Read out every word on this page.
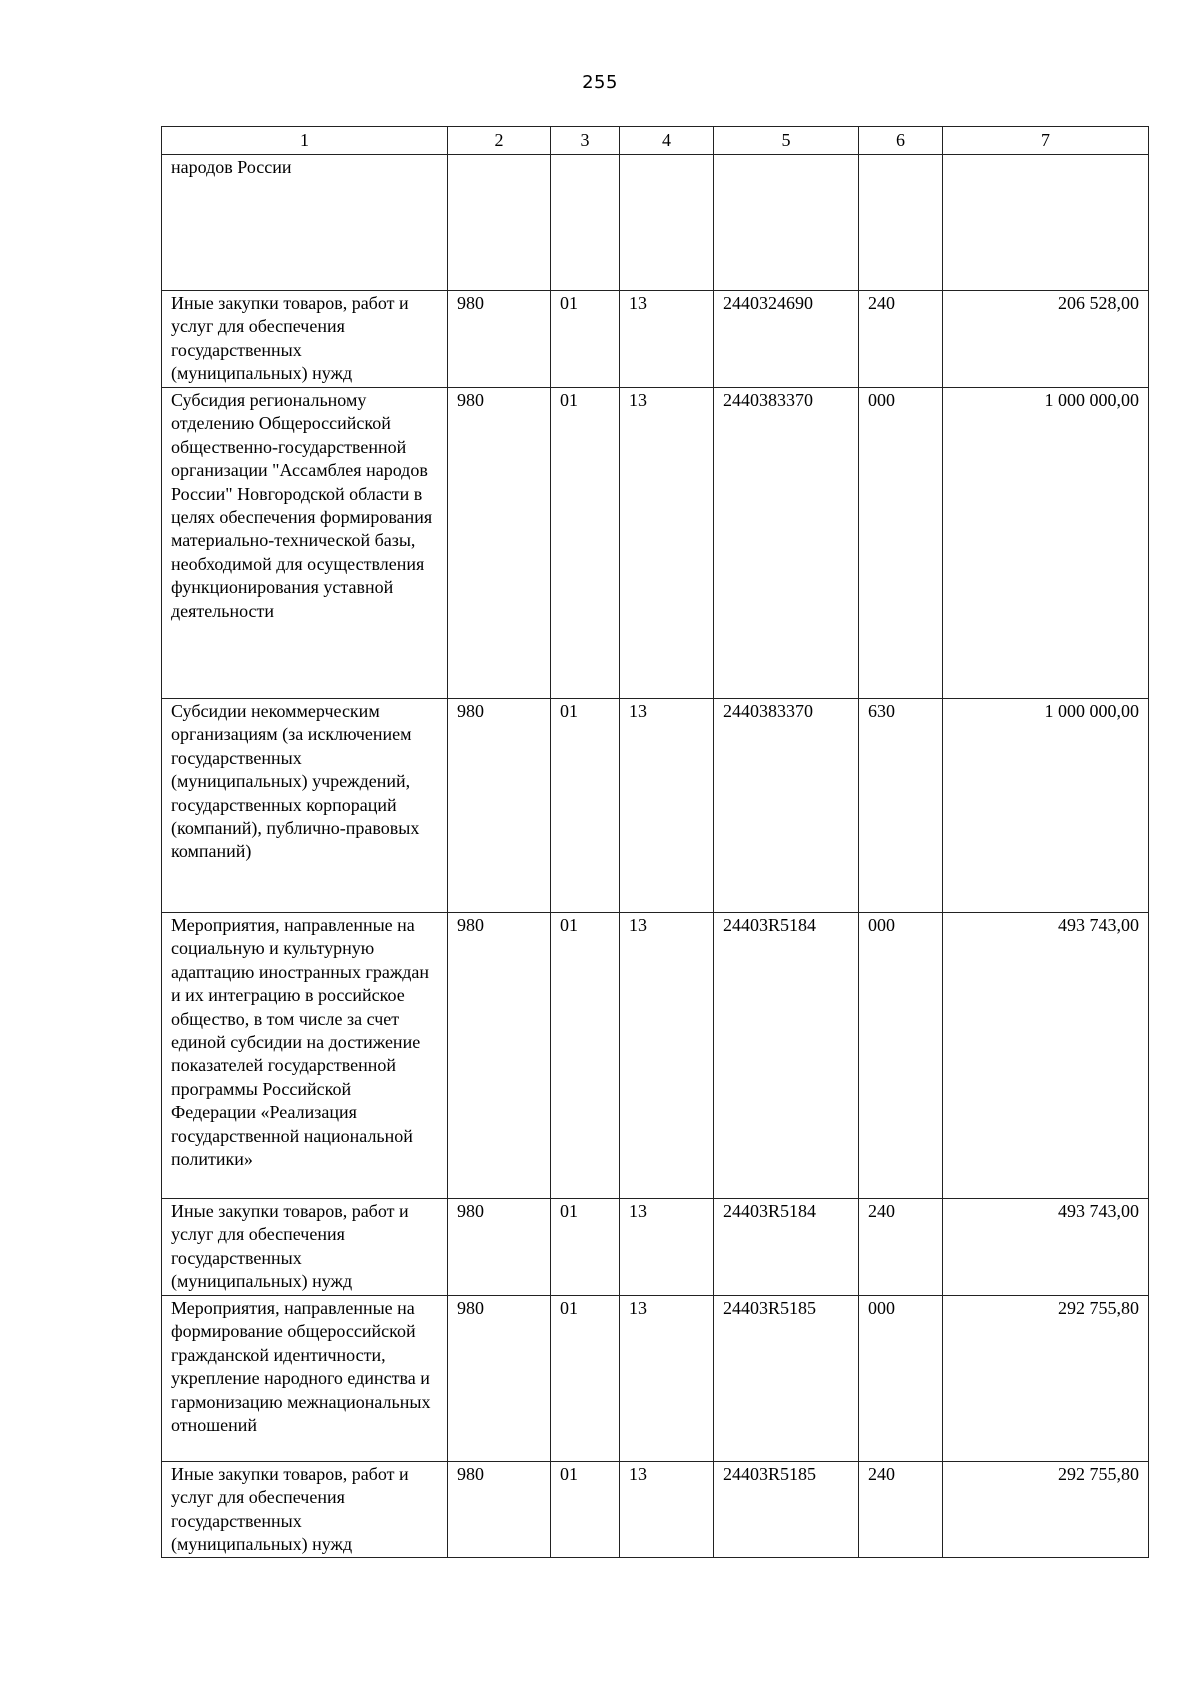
255
1	2	3	4	5	6	7
народов России						
Иные закупки товаров, работ и услуг для обеспечения государственных (муниципальных) нужд	980	01	13	2440324690	240	206 528,00
Субсидия региональному отделению Общероссийской общественно-государственной организации "Ассамблея народов России" Новгородской области в целях обеспечения формирования материально-технической базы, необходимой для осуществления функционирования уставной деятельности	980	01	13	2440383370	000	1 000 000,00
Субсидии некоммерческим организациям (за исключением государственных (муниципальных) учреждений, государственных корпораций (компаний), публично-правовых компаний)	980	01	13	2440383370	630	1 000 000,00
Мероприятия, направленные на социальную и культурную адаптацию иностранных граждан и их интеграцию в российское общество, в том числе за счет единой субсидии на достижение показателей государственной программы Российской Федерации «Реализация государственной национальной политики»	980	01	13	24403R5184	000	493 743,00
Иные закупки товаров, работ и услуг для обеспечения государственных (муниципальных) нужд	980	01	13	24403R5184	240	493 743,00
Мероприятия, направленные на формирование общероссийской гражданской идентичности, укрепление народного единства и гармонизацию межнациональных отношений	980	01	13	24403R5185	000	292 755,80
Иные закупки товаров, работ и услуг для обеспечения государственных (муниципальных) нужд	980	01	13	24403R5185	240	292 755,80
